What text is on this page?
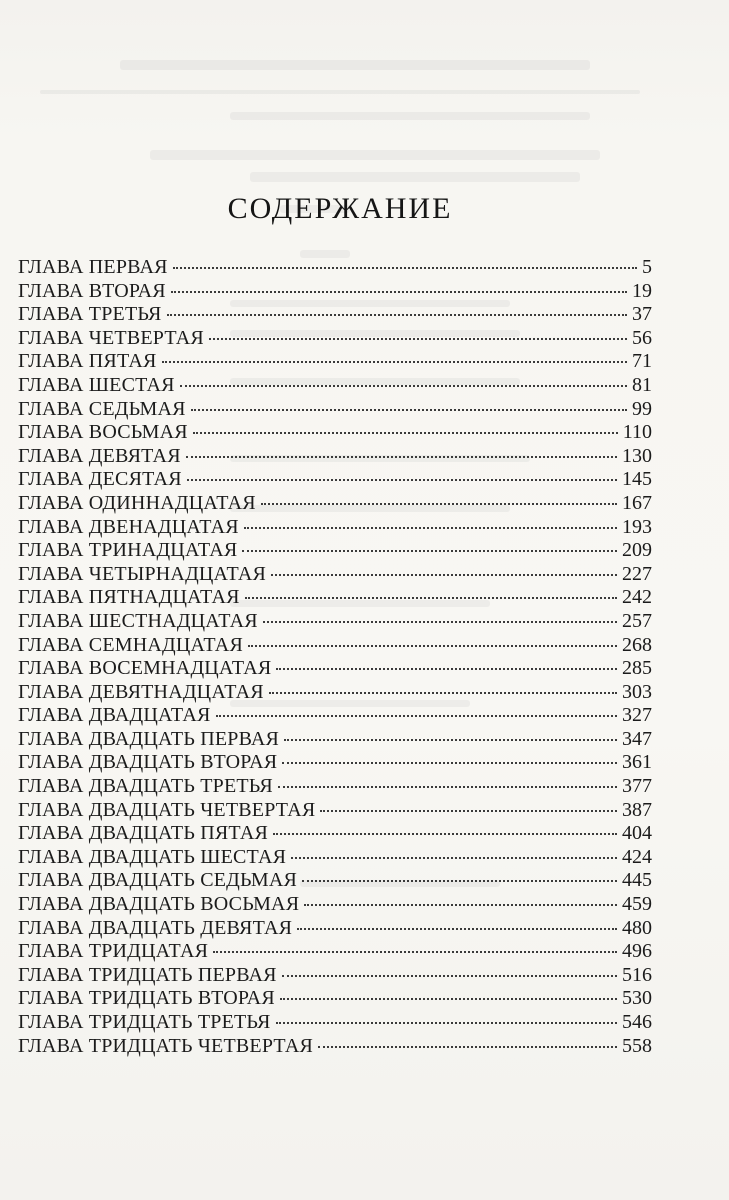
СОДЕРЖАНИЕ
ГЛАВА ПЕРВАЯ	5
ГЛАВА ВТОРАЯ	19
ГЛАВА ТРЕТЬЯ	37
ГЛАВА ЧЕТВЕРТАЯ	56
ГЛАВА ПЯТАЯ	71
ГЛАВА ШЕСТАЯ	81
ГЛАВА СЕДЬМАЯ	99
ГЛАВА ВОСЬМАЯ	110
ГЛАВА ДЕВЯТАЯ	130
ГЛАВА ДЕСЯТАЯ	145
ГЛАВА ОДИННАДЦАТАЯ	167
ГЛАВА ДВЕНАДЦАТАЯ	193
ГЛАВА ТРИНАДЦАТАЯ	209
ГЛАВА ЧЕТЫРНАДЦАТАЯ	227
ГЛАВА ПЯТНАДЦАТАЯ	242
ГЛАВА ШЕСТНАДЦАТАЯ	257
ГЛАВА СЕМНАДЦАТАЯ	268
ГЛАВА ВОСЕМНАДЦАТАЯ	285
ГЛАВА ДЕВЯТНАДЦАТАЯ	303
ГЛАВА ДВАДЦАТАЯ	327
ГЛАВА ДВАДЦАТЬ ПЕРВАЯ	347
ГЛАВА ДВАДЦАТЬ ВТОРАЯ	361
ГЛАВА ДВАДЦАТЬ ТРЕТЬЯ	377
ГЛАВА ДВАДЦАТЬ ЧЕТВЕРТАЯ	387
ГЛАВА ДВАДЦАТЬ ПЯТАЯ	404
ГЛАВА ДВАДЦАТЬ ШЕСТАЯ	424
ГЛАВА ДВАДЦАТЬ СЕДЬМАЯ	445
ГЛАВА ДВАДЦАТЬ ВОСЬМАЯ	459
ГЛАВА ДВАДЦАТЬ ДЕВЯТАЯ	480
ГЛАВА ТРИДЦАТАЯ	496
ГЛАВА ТРИДЦАТЬ ПЕРВАЯ	516
ГЛАВА ТРИДЦАТЬ ВТОРАЯ	530
ГЛАВА ТРИДЦАТЬ ТРЕТЬЯ	546
ГЛАВА ТРИДЦАТЬ ЧЕТВЕРТАЯ	558
